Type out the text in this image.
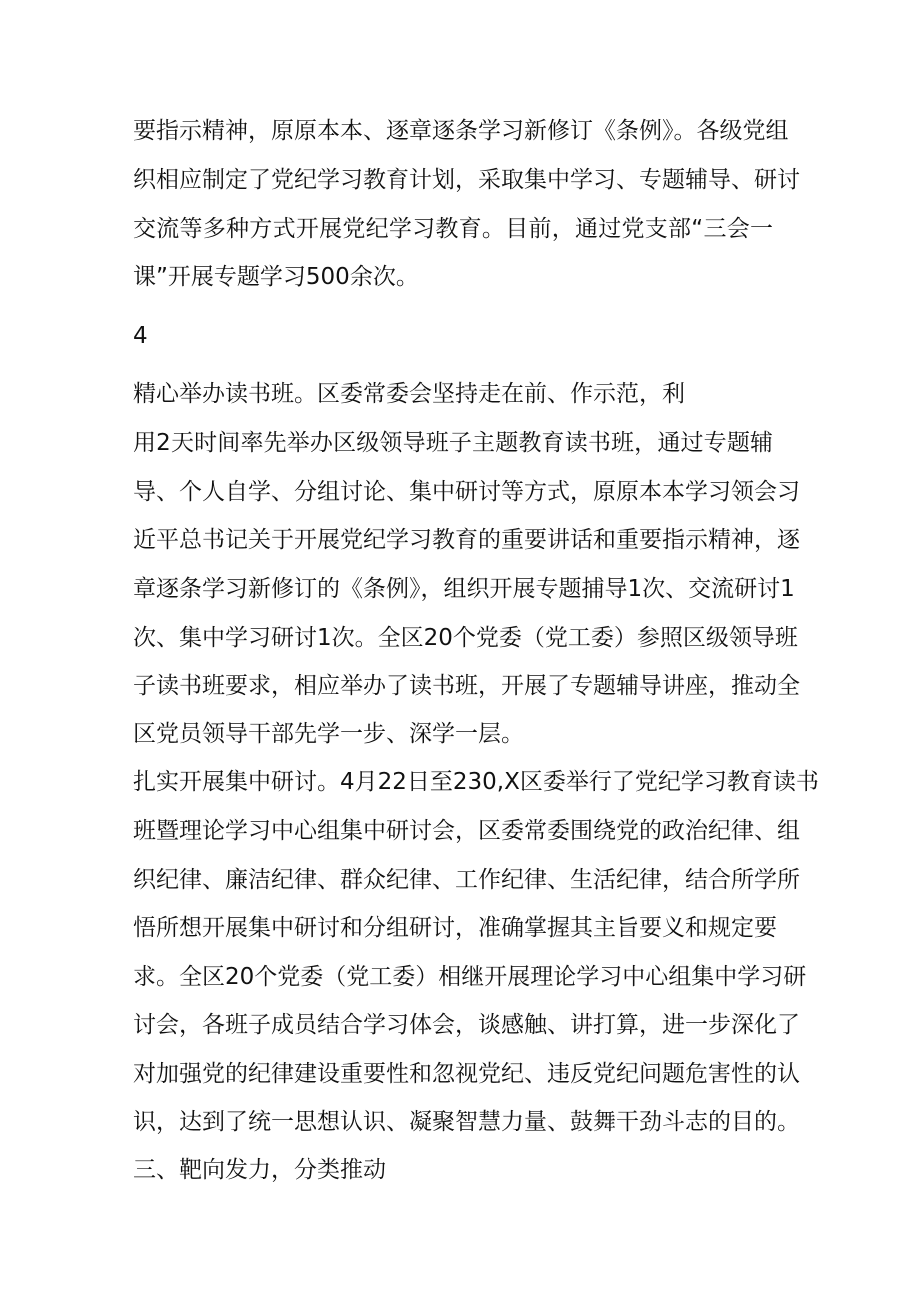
要指示精神，原原本本、逐章逐条学习新修订《条例》。各级党组
织相应制定了党纪学习教育计划，采取集中学习、专题辅导、研讨
交流等多种方式开展党纪学习教育。目前，通过党支部“三会一
课”开展专题学习500余次。
4
精心举办读书班。区委常委会坚持走在前、作示范，利
用2天时间率先举办区级领导班子主题教育读书班，通过专题辅
导、个人自学、分组讨论、集中研讨等方式，原原本本学习领会习
近平总书记关于开展党纪学习教育的重要讲话和重要指示精神，逐
章逐条学习新修订的《条例》，组织开展专题捕导1次、交流研讨1
次、集中学习研讨1次。全区20个党委（党工委）参照区级领导班
子读书班要求，相应举办了读书班，开展了专题辅导讲座，推动全
区党员领导干部先学一步、深学一层。
扎实开展集中研讨。4月22日至230,X区委举行了党纪学习教育读书
班暨理论学习中心组集中研讨会，区委常委围绕党的政治纪律、组
织纪律、廉洁纪律、群众纪律、工作纪律、生活纪律，结合所学所
悟所想开展集中研讨和分组研讨，准确掌握其主旨要义和规定要
求。全区20个党委（党工委）相继开展理论学习中心组集中学习研
讨会，各班子成员结合学习体会，谈感触、讲打算，进一步深化了
对加强党的纪律建设重要性和忽视党纪、违反党纪问题危害性的认
识，达到了统一思想认识、凝聚智慧力量、鼓舞干劲斗志的目的。
三、靶向发力，分类推动
